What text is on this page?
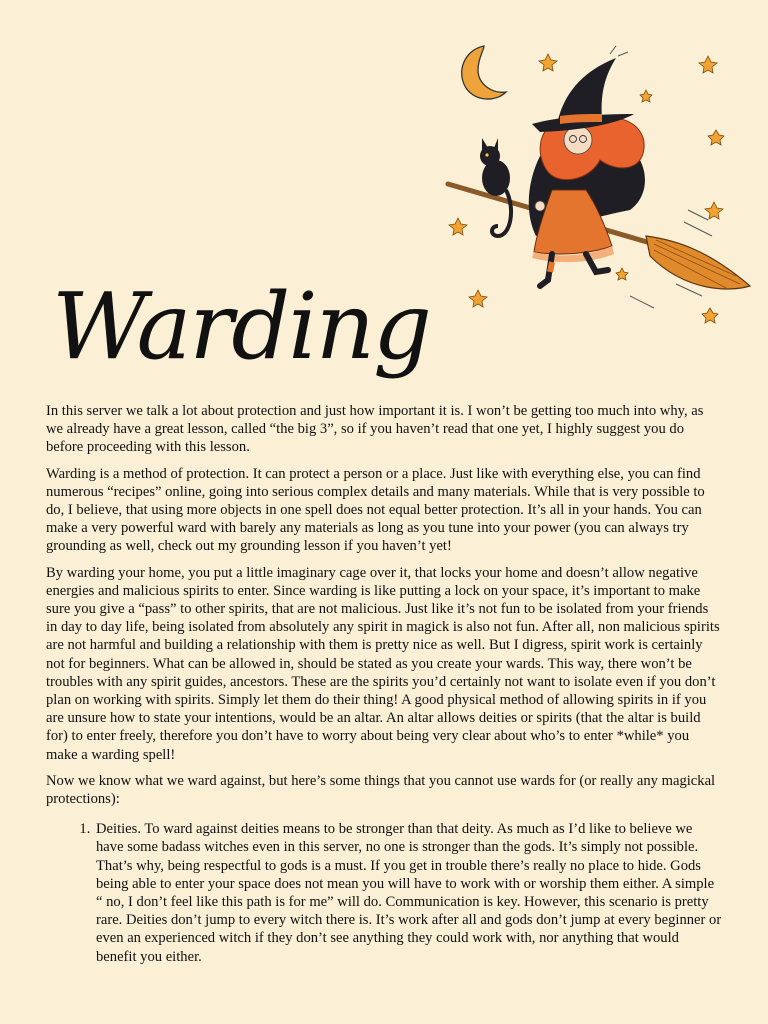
Warding

In this server we talk a lot about protection and just how important it is. I won’t be getting too much into why, as we already have a great lesson, called “the big 3”, so if you haven’t read that one yet, I highly suggest you do before proceeding with this lesson.

Warding is a method of protection. It can protect a person or a place. Just like with everything else, you can find numerous “recipes” online, going into serious complex details and many materials. While that is very possible to do, I believe, that using more objects in one spell does not equal better protection. It’s all in your hands. You can make a very powerful ward with barely any materials as long as you tune into your power (you can always try grounding as well, check out my grounding lesson if you haven’t yet!

By warding your home, you put a little imaginary cage over it, that locks your home and doesn’t allow negative energies and malicious spirits to enter. Since warding is like putting a lock on your space, it’s important to make sure you give a “pass” to other spirits, that are not malicious. Just like it’s not fun to be isolated from your friends in day to day life, being isolated from absolutely any spirit in magick is also not fun. After all, non malicious spirits are not harmful and building a relationship with them is pretty nice as well. But I digress, spirit work is certainly not for beginners. What can be allowed in, should be stated as you create your wards. This way, there won’t be troubles with any spirit guides, ancestors. These are the spirits you’d certainly not want to isolate even if you don’t plan on working with spirits. Simply let them do their thing! A good physical method of allowing spirits in if you are unsure how to state your intentions, would be an altar. An altar allows deities or spirits (that the altar is build for) to enter freely, therefore you don’t have to worry about being very clear about who’s to enter *while* you make a warding spell!

Now we know what we ward against, but here’s some things that you cannot use wards for (or really any magickal protections):

1. Deities. To ward against deities means to be stronger than that deity. As much as I’d like to believe we have some badass witches even in this server, no one is stronger than the gods. It’s simply not possible. That’s why, being respectful to gods is a must. If you get in trouble there’s really no place to hide. Gods being able to enter your space does not mean you will have to work with or worship them either. A simple “ no, I don’t feel like this path is for me” will do. Communication is key. However, this scenario is pretty rare. Deities don’t jump to every witch there is. It’s work after all and gods don’t jump at every beginner or even an experienced witch if they don’t see anything they could work with, nor anything that would benefit you either.
